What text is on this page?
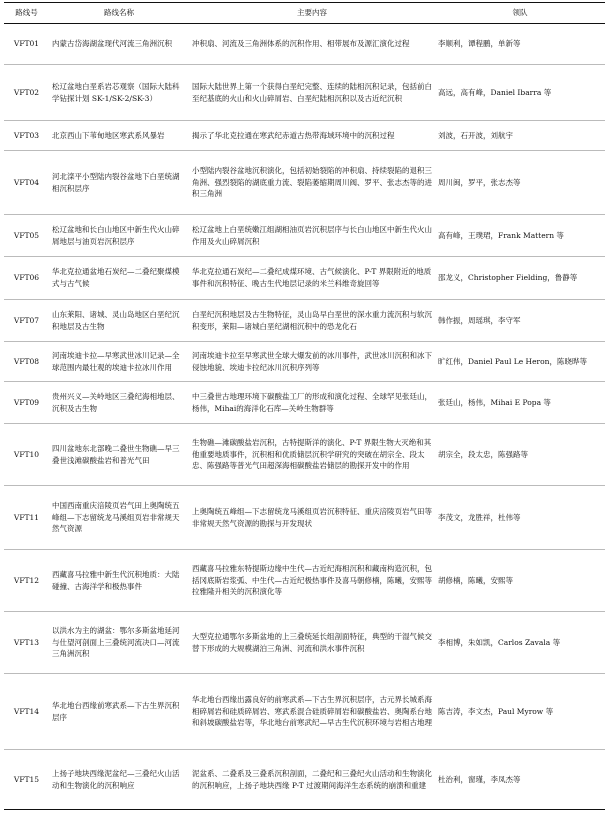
路线号	路线名称	主要内容	领队
VFT01	内蒙古岱海湖盆现代河流三角洲沉积	冲积扇、河流及三角洲体系的沉积作用、相带展布及源汇演化过程	李顺利，谭程鹏，单新等
VFT02	松辽盆地白垩系岩芯观察（国际大陆科学钻探计划 SK-1/SK-2/SK-3）	国际大陆世界上第一个获得白垩纪完整、连续的陆相沉积记录，包括前白至纪基底的火山和火山碎屑岩、白垩纪陆相沉积以及古近纪沉积	高远，高有峰，Daniel Ibarra 等
VFT03	北京西山下苇甸地区寒武系风暴岩	揭示了华北克拉通在寒武纪赤道古热带海域环境中的沉积过程	刘波，石开波，刘航宇
VFT04	河北滦平小型陆内裂谷盆地下白垩统湖相沉积层序	小型陆内裂谷盆地沉积演化，包括初始裂陷的冲积扇、持续裂陷的退积三角洲、强烈裂陷的湖底重力流、裂陷萎缩期周川阀、罗平、张志杰等的进积三角洲	周川闽，罗平，张志杰等
VFT05	松辽盆地和长白山地区中新生代火山碎屑地层与油页岩沉积层序	松辽盆地上白垩统嫩江组湖相油页岩沉积层序与长白山地区中新生代火山作用及火山碎屑沉积	高有峰，王璞珺，Frank Mattern 等
VFT06	华北克拉通盆地石炭纪—二叠纪聚煤模式与古气候	华北克拉通石炭纪—二叠纪成煤环境、古气候演化、P-T 界限附近的地质事件和沉积特征、晚古生代地层记录的米兰科维奇旋回等	邵龙义，Christopher Fielding，鲁静等
VFT07	山东莱阳、诸城、灵山岛地区白垩纪沉积地层及古生物	白垩纪沉积地层及古生物特征，灵山岛早白垩世的深水重力流沉积与软沉积变形，莱阳—诸城白垩纪湖相沉积中的恐龙化石	韩作振，周瑶琪，李守军
VFT08	河南埃迪卡拉—早寒武世冰川记录—全球范围内最壮观的埃迪卡拉冰川作用	河南埃迪卡拉至早寒武世全球大爆发前的冰川事件，武世冰川沉积和冰下侵蚀地貌、埃迪卡拉纪冰川沉积序列等	旷红伟，Daniel Paul Le Heron，陈晓晔等
VFT09	贵州兴义—关岭地区三叠纪海相地层、沉积及古生物	中三叠世古地理环境下碳酸盐工厂的形成和演化过程、全球罕见张廷山，杨伟，Mihai的海洋化石库—关岭生物群等	张廷山，杨伟，Mihai E Popa 等
VFT10	四川盆地东北部晚二叠世生物礁—早三叠世浅滩碳酸盐岩和普光气田	生物礁—滩碳酸盐岩沉积，古特提斯洋的演化、P-T 界限生物大灭绝和其他重要地质事件，沉积相和优质储层沉积学研究的突破在胡宗全、段太忠、陈强路等普光气田超深海相碳酸盐岩储层的勘探开发中的作用	胡宗全，段太忠，陈强路等
VFT11	中国西南重庆涪陵页岩气田上奥陶统五峰组—下志留统龙马溪组页岩非常规天然气资源	上奥陶统五峰组—下志留统龙马溪组页岩沉积特征、重庆涪陵页岩气田等非常规天然气资源的勘探与开发现状	李茂文，龙胜祥，杜伟等
VFT12	西藏喜马拉雅中新生代沉积地质：大陆碰撞、古海洋学和极热事件	西藏喜马拉雅东特提斯边缘中生代—古近纪海相沉积和藏南构造沉积，包括冈底斯岩浆弧、中生代—古近纪极热事件及喜马朝修楠，陈曦，安熙等拉雅隆升相关的沉积演化等	胡修楠，陈曦，安熙等
VFT13	以洪水为主的湖盆：鄂尔多斯盆地延河与仕望河剖面上三叠统河流决口—河流三角洲沉积	大型克拉通鄂尔多斯盆地的上三叠统延长组剖面特征，典型的干湿气候交替下形成的大规模湖泊三角洲、河流和洪水事件沉积	李相博，朱如凯，Carlos Zavala 等
VFT14	华北地台西缘前寒武系—下古生界沉积层序	华北地台西缘出露良好的前寒武系—下古生界沉积层序，古元界长城系海相碎屑岩和硅质碎屑岩、寒武系混合硅质碎屑岩和碳酸盐岩、奥陶系台地和斜坡碳酸盐岩等，华北地台前寒武纪—早古生代沉积环境与岩相古地理	陈吉涛，李文杰，Paul Myrow 等
VFT15	上扬子地块西缘泥盆纪—三叠纪火山活动和生物演化的沉积响应	泥盆系、二叠系及三叠系沉积剖面，二叠纪和三叠纪火山活动和生物演化的沉积响应，上扬子地块西缘 P-T 过渡期间海洋生态系统的崩溃和重建	杜治利，窗瑾，李凤杰等
